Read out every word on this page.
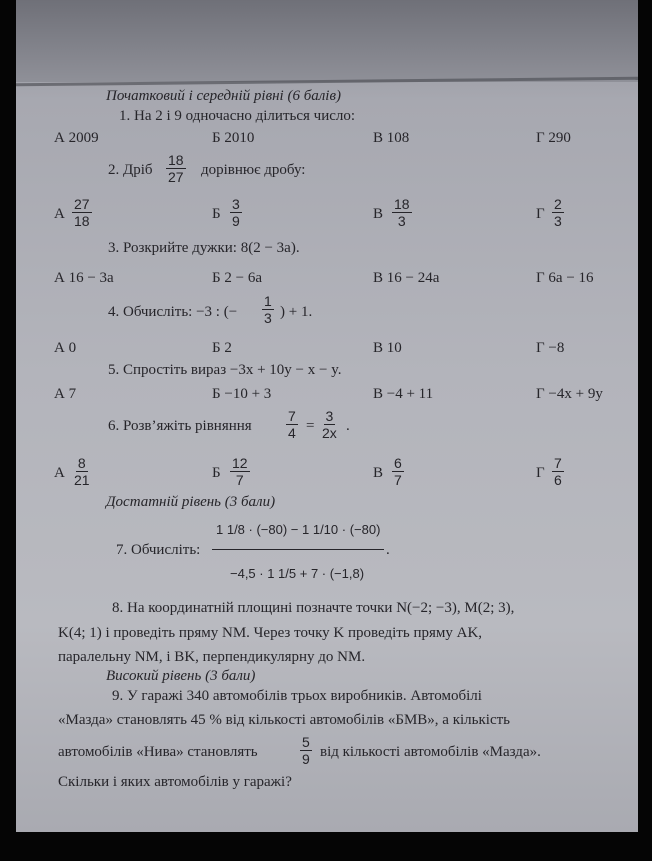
Початковий і середній рівні (6 балів)
1. На 2 і 9 одночасно ділиться число:
А 2009	Б 2010	В 108	Г 290
2. Дріб $\frac{18}{27}$ дорівнює дробу:
А $\frac{27}{18}$	Б $\frac{3}{9}$	В $\frac{18}{3}$	Г $\frac{2}{3}$
3. Розкрийте дужки: 8(2 − 3a).
А 16 − 3a	Б 2 − 6a	В 16 − 24a	Г 6a − 16
4. Обчисліть: −3 : (− $\frac{1}{3}$ ) + 1.
А 0	Б 2	В 10	Г −8
5. Спростіть вираз −3x + 10y − x − y.
А 7	Б −10 + 3	В −4 + 11	Г −4x + 9y
6. Розв’яжіть рівняння $\frac{7}{4} = \frac{3}{2x}$ .
А $\frac{8}{21}$	Б $\frac{12}{7}$	В $\frac{6}{7}$	Г $\frac{7}{6}$
Достатній рівень (3 бали)
7. Обчисліть:
1 1/8 · (−80) − 1 1/10 · (−80)
−4,5 · 1 1/5 + 7 · (−1,8)
.
8. На координатній площині позначте точки N(−2; −3), M(2; 3),
K(4; 1) і проведіть пряму NM. Через точку K проведіть пряму AK,
паралельну NM, і BK, перпендикулярну до NM.
Високий рівень (3 бали)
9. У гаражі 340 автомобілів трьох виробників. Автомобілі
«Мазда» становлять 45 % від кількості автомобілів «БМВ», а кількість
автомобілів «Нива» становлять	$\frac{5}{9}$ від кількості автомобілів «Мазда».
Скільки і яких автомобілів у гаражі?
